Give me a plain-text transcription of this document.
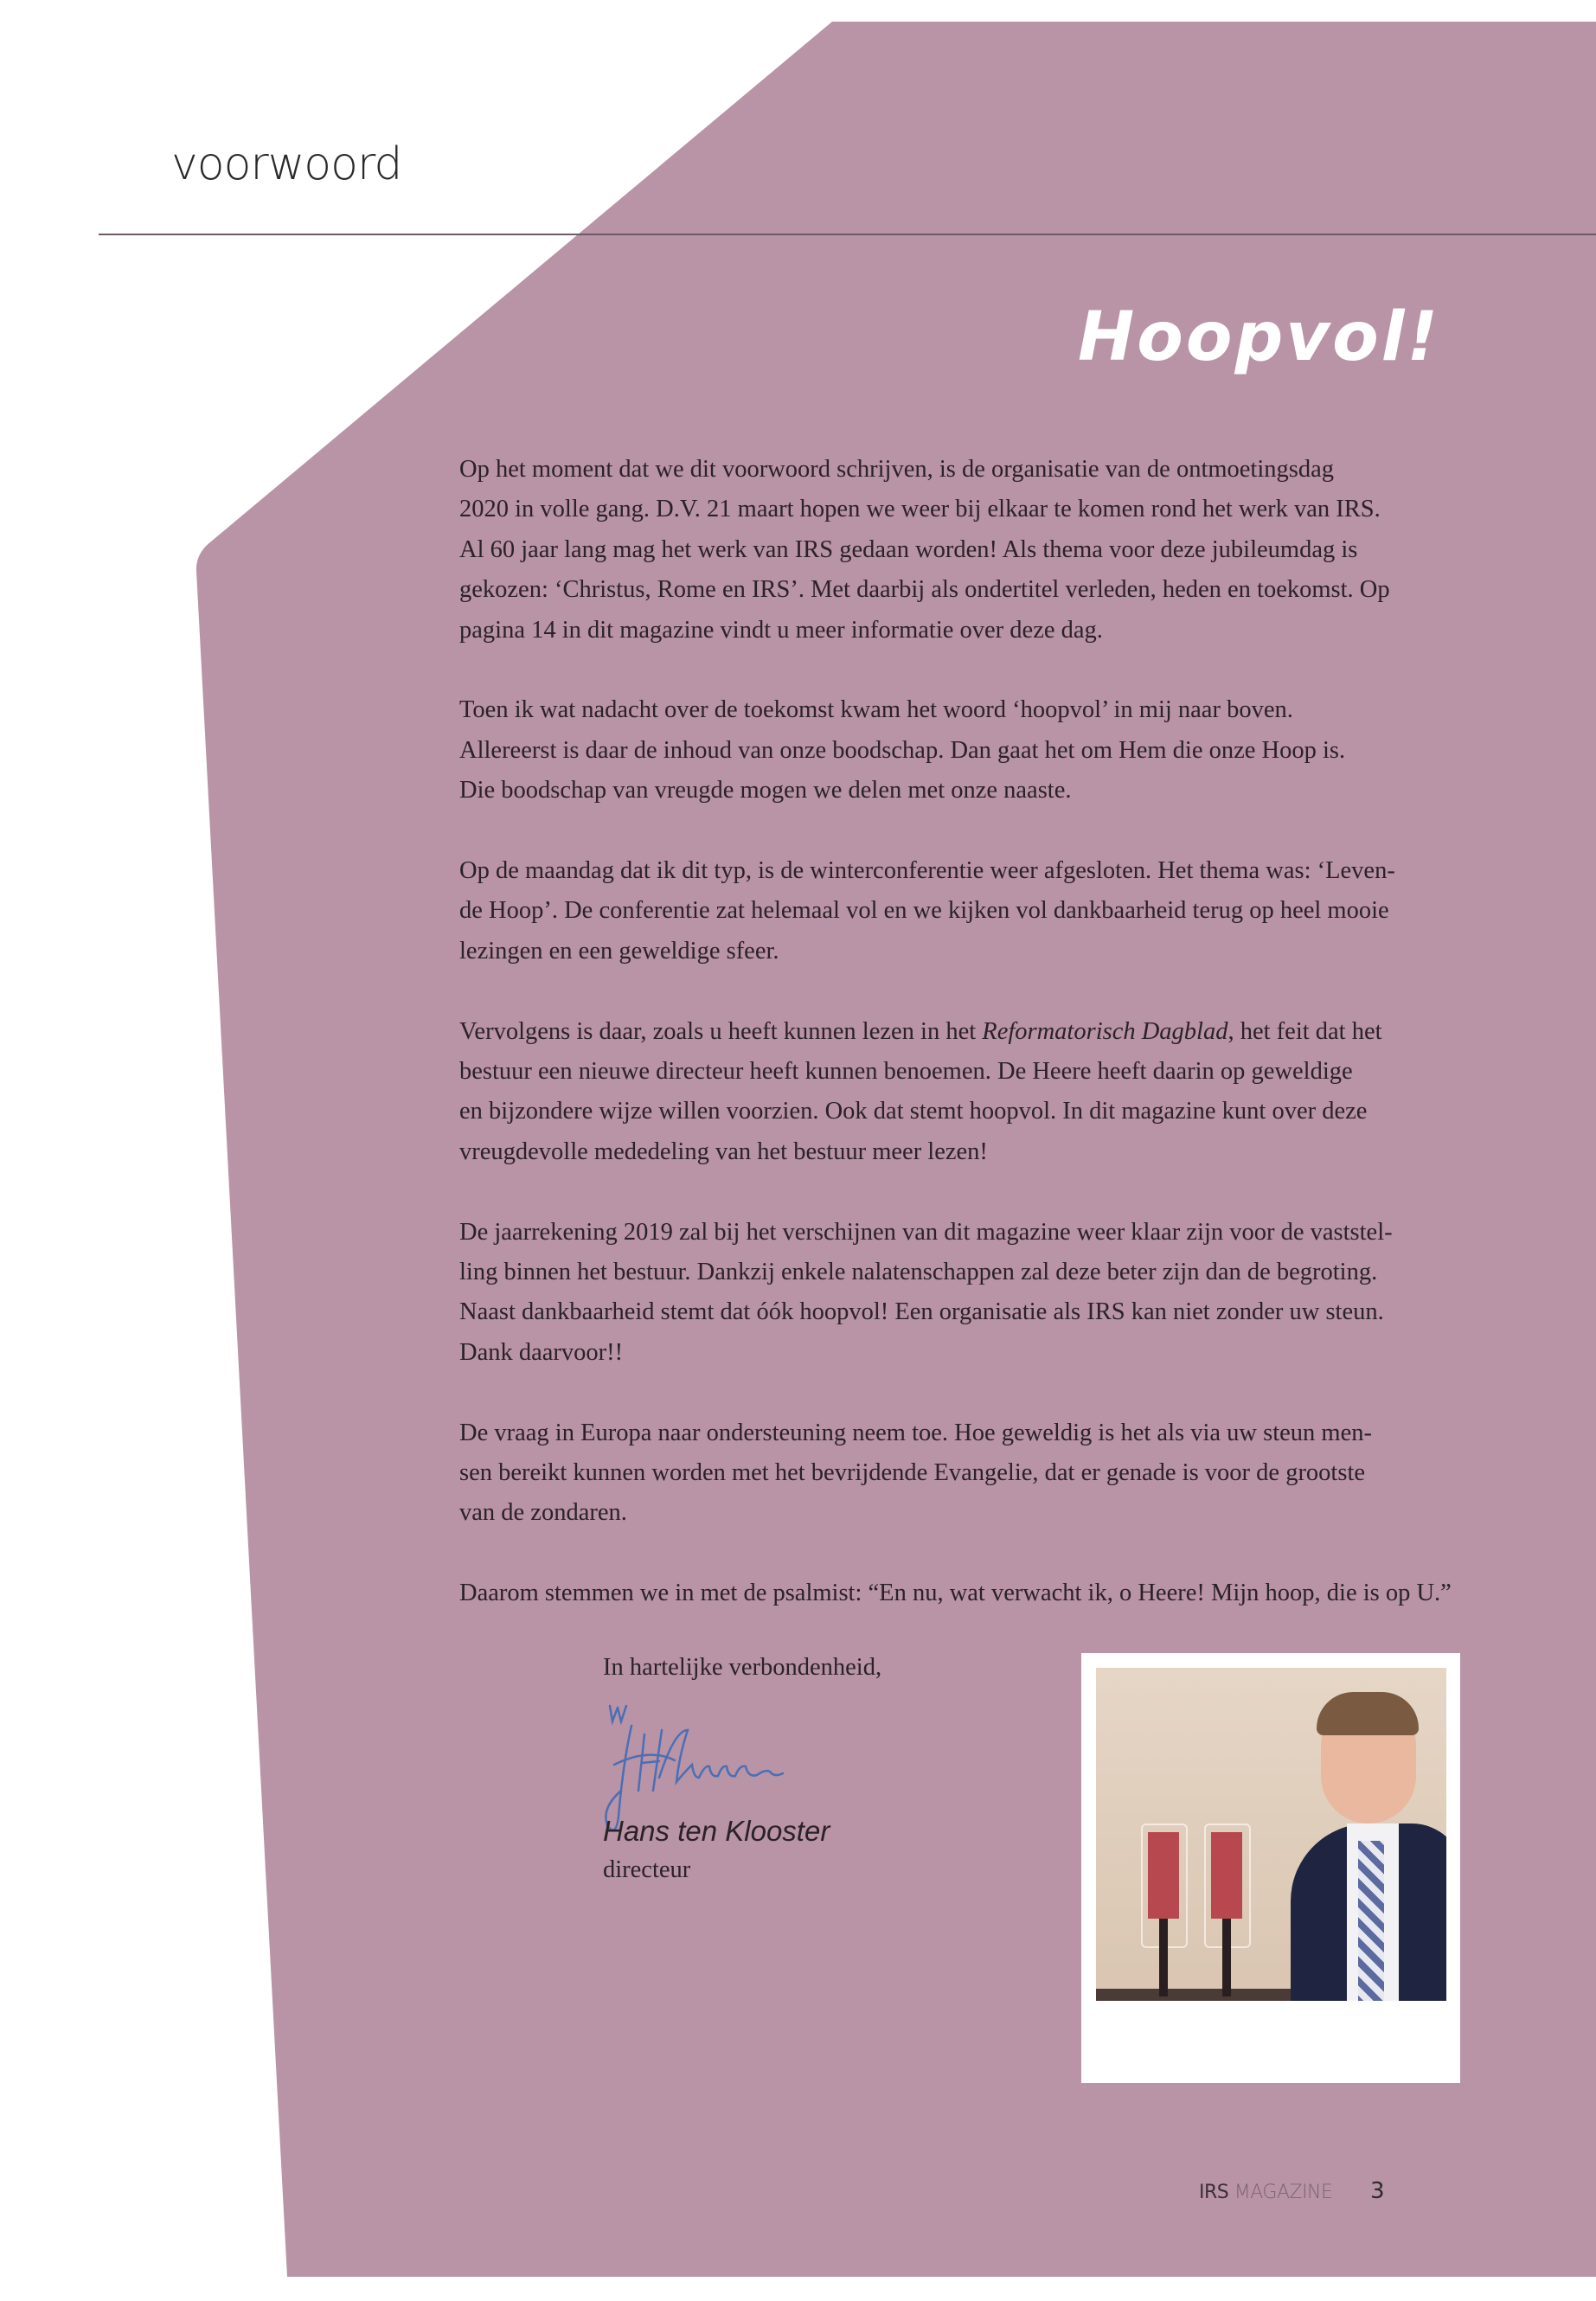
voorwoord
Hoopvol!
Op het moment dat we dit voorwoord schrijven, is de organisatie van de ontmoetingsdag
2020 in volle gang. D.V. 21 maart hopen we weer bij elkaar te komen rond het werk van IRS.
Al 60 jaar lang mag het werk van IRS gedaan worden! Als thema voor deze jubileumdag is
gekozen: ‘Christus, Rome en IRS’. Met daarbij als ondertitel verleden, heden en toekomst. Op
pagina 14 in dit magazine vindt u meer informatie over deze dag.
Toen ik wat nadacht over de toekomst kwam het woord ‘hoopvol’ in mij naar boven.
Allereerst is daar de inhoud van onze boodschap. Dan gaat het om Hem die onze Hoop is.
Die boodschap van vreugde mogen we delen met onze naaste.
Op de maandag dat ik dit typ, is de winterconferentie weer afgesloten. Het thema was: ‘Leven-
de Hoop’. De conferentie zat helemaal vol en we kijken vol dankbaarheid terug op heel mooie
lezingen en een geweldige sfeer.
Vervolgens is daar, zoals u heeft kunnen lezen in het Reformatorisch Dagblad, het feit dat het
bestuur een nieuwe directeur heeft kunnen benoemen. De Heere heeft daarin op geweldige
en bijzondere wijze willen voorzien. Ook dat stemt hoopvol. In dit magazine kunt over deze
vreugdevolle mededeling van het bestuur meer lezen!
De jaarrekening 2019 zal bij het verschijnen van dit magazine weer klaar zijn voor de vaststel-
ling binnen het bestuur. Dankzij enkele nalatenschappen zal deze beter zijn dan de begroting.
Naast dankbaarheid stemt dat óók hoopvol! Een organisatie als IRS kan niet zonder uw steun.
Dank daarvoor!!
De vraag in Europa naar ondersteuning neem toe. Hoe geweldig is het als via uw steun men-
sen bereikt kunnen worden met het bevrijdende Evangelie, dat er genade is voor de grootste
van de zondaren.
Daarom stemmen we in met de psalmist: “En nu, wat verwacht ik, o Heere! Mijn hoop, die is op U.”
In hartelijke verbondenheid,
Hans ten Klooster
directeur
IRS MAGAZINE 3
